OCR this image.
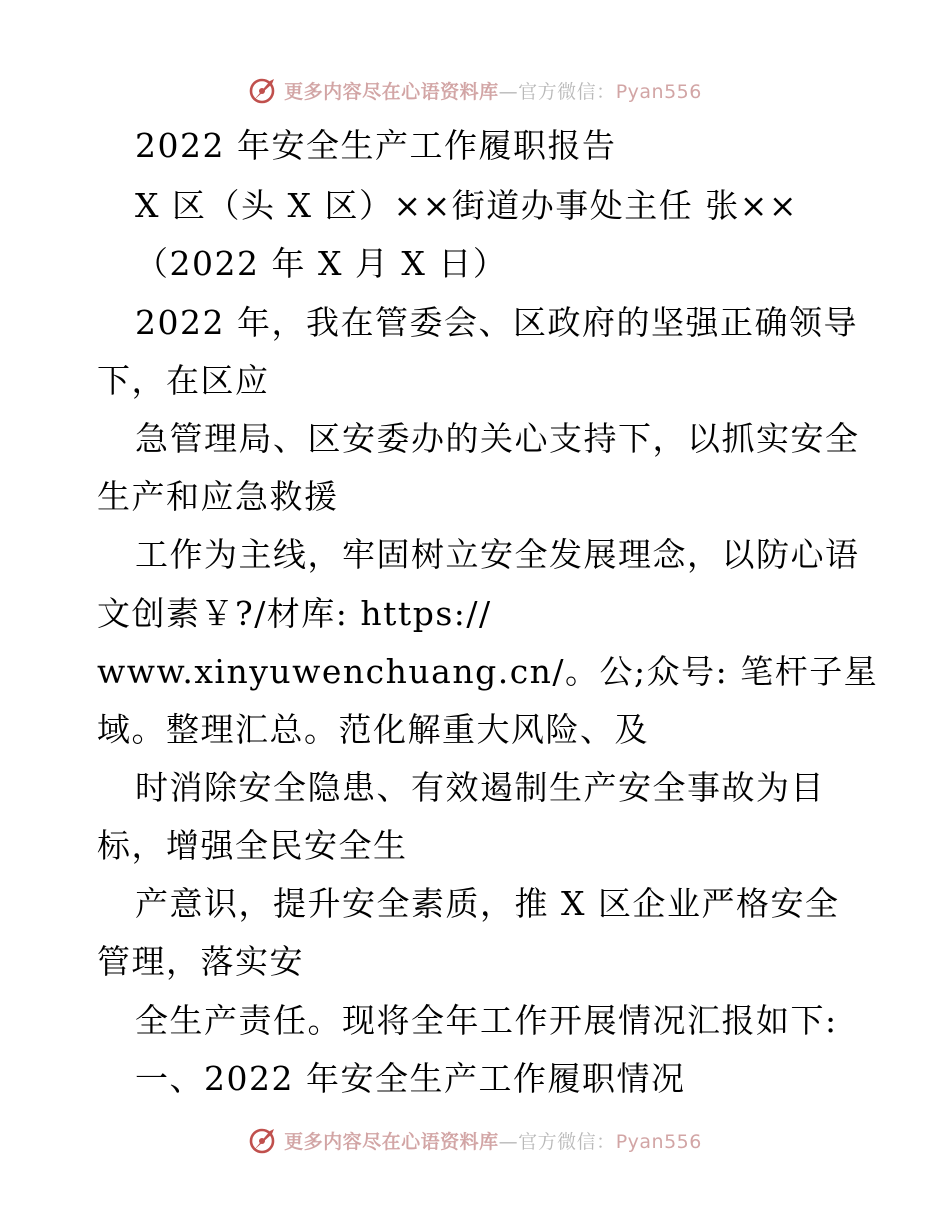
更多内容尽在心语资料库—官方微信：Pyan556
2022 年安全生产工作履职报告
X 区（头 X 区）××街道办事处主任 张××
（2022 年 X 月 X 日）
2022 年，我在管委会、区政府的坚强正确领导
下，在区应
急管理局、区安委办的关心支持下，以抓实安全
生产和应急救援
工作为主线，牢固树立安全发展理念，以防心语
文创素￥?/材库: https://
www.xinyuwenchuang.cn/。公;众号: 笔杆子星
域。整理汇总。范化解重大风险、及
时消除安全隐患、有效遏制生产安全事故为目
标，增强全民安全生
产意识，提升安全素质，推 X 区企业严格安全
管理，落实安
全生产责任。现将全年工作开展情况汇报如下:
一、2022 年安全生产工作履职情况
更多内容尽在心语资料库—官方微信：Pyan556
